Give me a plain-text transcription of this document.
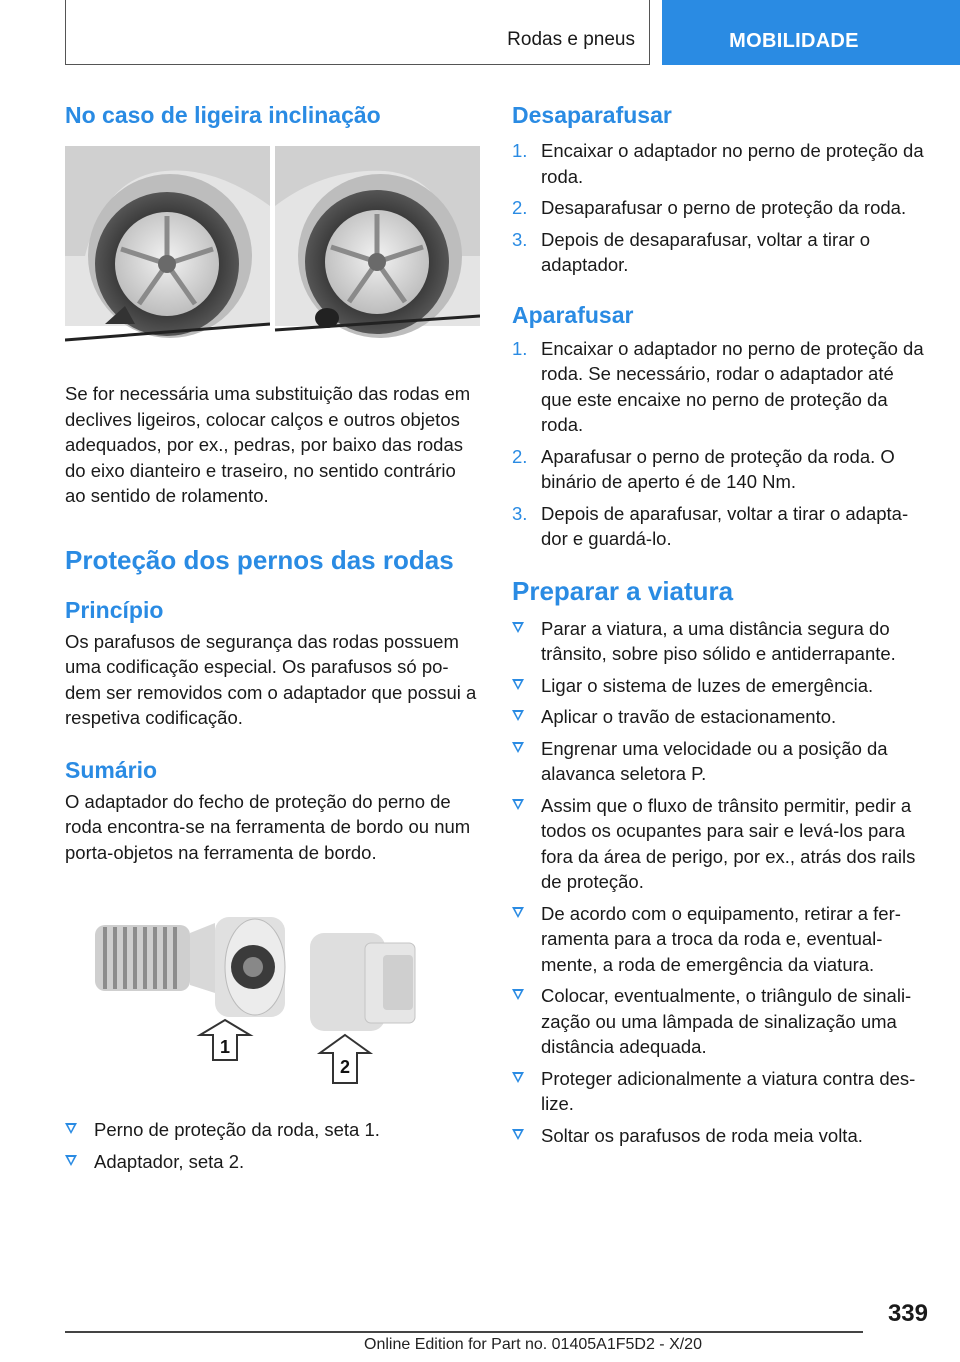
Rodas e pneus	MOBILIDADE
No caso de ligeira inclinação
Se for necessária uma substituição das rodas em declives ligeiros, colocar calços e outros objetos adequados, por ex., pedras, por baixo das rodas do eixo dianteiro e traseiro, no sentido contrário ao sentido de rolamento.
Proteção dos pernos das rodas
Princípio
Os parafusos de segurança das rodas possuem uma codificação especial. Os parafusos só po-dem ser removidos com o adaptador que possui a respetiva codificação.
Sumário
O adaptador do fecho de proteção do perno de roda encontra-se na ferramenta de bordo ou num porta-objetos na ferramenta de bordo.
1
2
Perno de proteção da roda, seta 1.
Adaptador, seta 2.
Desaparafusar
1. Encaixar o adaptador no perno de proteção da roda.
2. Desaparafusar o perno de proteção da roda.
3. Depois de desaparafusar, voltar a tirar o adaptador.
Aparafusar
1. Encaixar o adaptador no perno de proteção da roda. Se necessário, rodar o adaptador até que este encaixe no perno de proteção da roda.
2. Aparafusar o perno de proteção da roda. O binário de aperto é de 140 Nm.
3. Depois de aparafusar, voltar a tirar o adapta-dor e guardá-lo.
Preparar a viatura
Parar a viatura, a uma distância segura do trânsito, sobre piso sólido e antiderrapante.
Ligar o sistema de luzes de emergência.
Aplicar o travão de estacionamento.
Engrenar uma velocidade ou a posição da alavanca seletora P.
Assim que o fluxo de trânsito permitir, pedir a todos os ocupantes para sair e levá-los para fora da área de perigo, por ex., atrás dos rails de proteção.
De acordo com o equipamento, retirar a fer-ramenta para a troca da roda e, eventual-mente, a roda de emergência da viatura.
Colocar, eventualmente, o triângulo de sinali-zação ou uma lâmpada de sinalização uma distância adequada.
Proteger adicionalmente a viatura contra des-lize.
Soltar os parafusos de roda meia volta.
339
Online Edition for Part no. 01405A1F5D2 - X/20
